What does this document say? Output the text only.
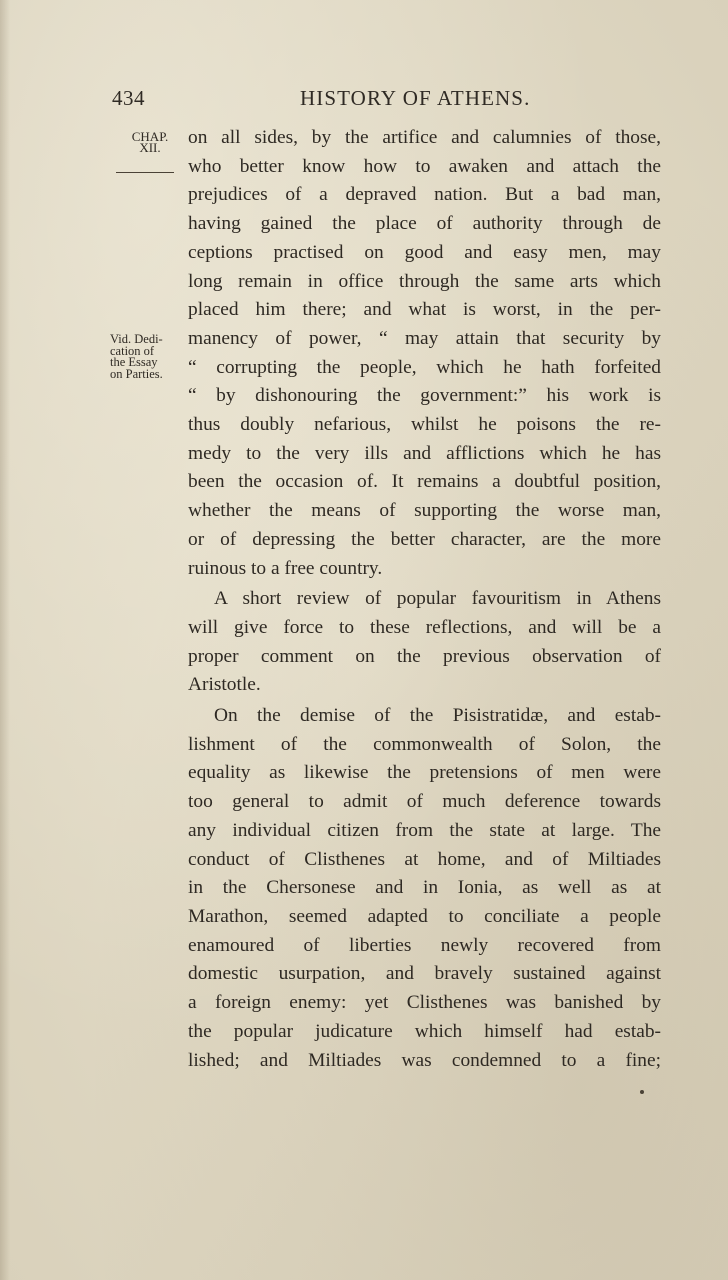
434	HISTORY OF ATHENS.
CHAP.
XII.
Vid. Dedi-
cation of
the Essay
on Parties.
on all sides, by the artifice and calumnies of those,
who better know how to awaken and attach the
prejudices of a depraved nation. But a bad man,
having gained the place of authority through de
ceptions practised on good and easy men, may
long remain in office through the same arts which
placed him there; and what is worst, in the per-
manency of power, “ may attain that security by
“ corrupting the people, which he hath forfeited
“ by dishonouring the government:” his work is
thus doubly nefarious, whilst he poisons the re-
medy to the very ills and afflictions which he has
been the occasion of. It remains a doubtful position,
whether the means of supporting the worse man,
or of depressing the better character, are the more
ruinous to a free country.
A short review of popular favouritism in Athens
will give force to these reflections, and will be a
proper comment on the previous observation of
Aristotle.
On the demise of the Pisistratidæ, and estab-
lishment of the commonwealth of Solon, the
equality as likewise the pretensions of men were
too general to admit of much deference towards
any individual citizen from the state at large. The
conduct of Clisthenes at home, and of Miltiades
in the Chersonese and in Ionia, as well as at
Marathon, seemed adapted to conciliate a people
enamoured of liberties newly recovered from
domestic usurpation, and bravely sustained against
a foreign enemy: yet Clisthenes was banished by
the popular judicature which himself had estab-
lished; and Miltiades was condemned to a fine;
